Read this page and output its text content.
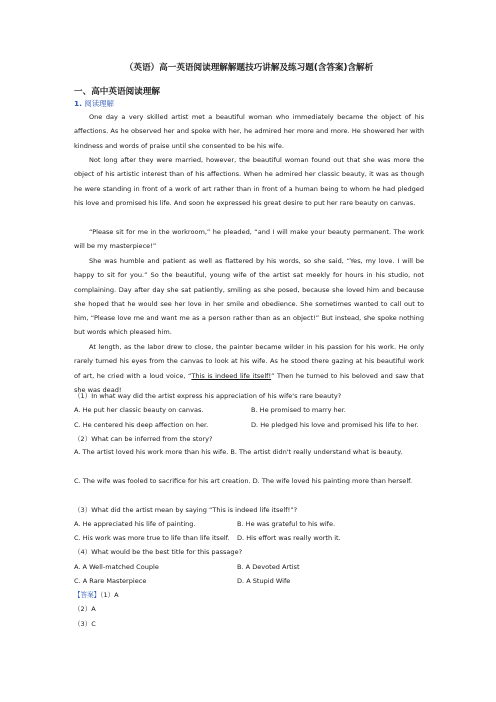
（英语）高一英语阅读理解解题技巧讲解及练习题(含答案)含解析
一、高中英语阅读理解
1. 阅读理解

One day a very skilled artist met a beautiful woman who immediately became the object of his affections. As he observed her and spoke with her, he admired her more and more. He showered her with kindness and words of praise until she consented to be his wife.

Not long after they were married, however, the beautiful woman found out that she was more the object of his artistic interest than of his affections. When he admired her classic beauty, it was as though he were standing in front of a work of art rather than in front of a human being to whom he had pledged his love and promised his life. And soon he expressed his great desire to put her rare beauty on canvas.

“Please sit for me in the workroom,” he pleaded, “and I will make your beauty permanent. The work will be my masterpiece!”

She was humble and patient as well as flattered by his words, so she said, “Yes, my love. I will be happy to sit for you.” So the beautiful, young wife of the artist sat meekly for hours in his studio, not complaining. Day after day she sat patiently, smiling as she posed, because she loved him and because she hoped that he would see her love in her smile and obedience. She sometimes wanted to call out to him, “Please love me and want me as a person rather than as an object!” But instead, she spoke nothing but words which pleased him.

At length, as the labor drew to close, the painter became wilder in his passion for his work. He only rarely turned his eyes from the canvas to look at his wife. As he stood there gazing at his beautiful work of art, he cried with a loud voice, “This is indeed life itself!” Then he turned to his beloved and saw that she was dead!

（1）In what way did the artist express his appreciation of his wife's rare beauty?
A. He put her classic beauty on canvas.	B. He promised to marry her.
C. He centered his deep affection on her.	D. He pledged his love and promised his life to her.
（2）What can be inferred from the story?

A. The artist loved his work more than his wife. B. The artist didn't really understand what is beauty.

C. The wife was fooled to sacrifice for his art creation. D. The wife loved his painting more than herself.

（3）What did the artist mean by saying “This is indeed life itself!”?
A. He appreciated his life of painting.	B. He was grateful to his wife.
C. His work was more true to life than life itself. D. His effort was really worth it.
（4）What would be the best title for this passage?
A. A Well-matched Couple	B. A Devoted Artist
C. A Rare Masterpiece	D. A Stupid Wife
【答案】（1）A
（2）A
（3）C
